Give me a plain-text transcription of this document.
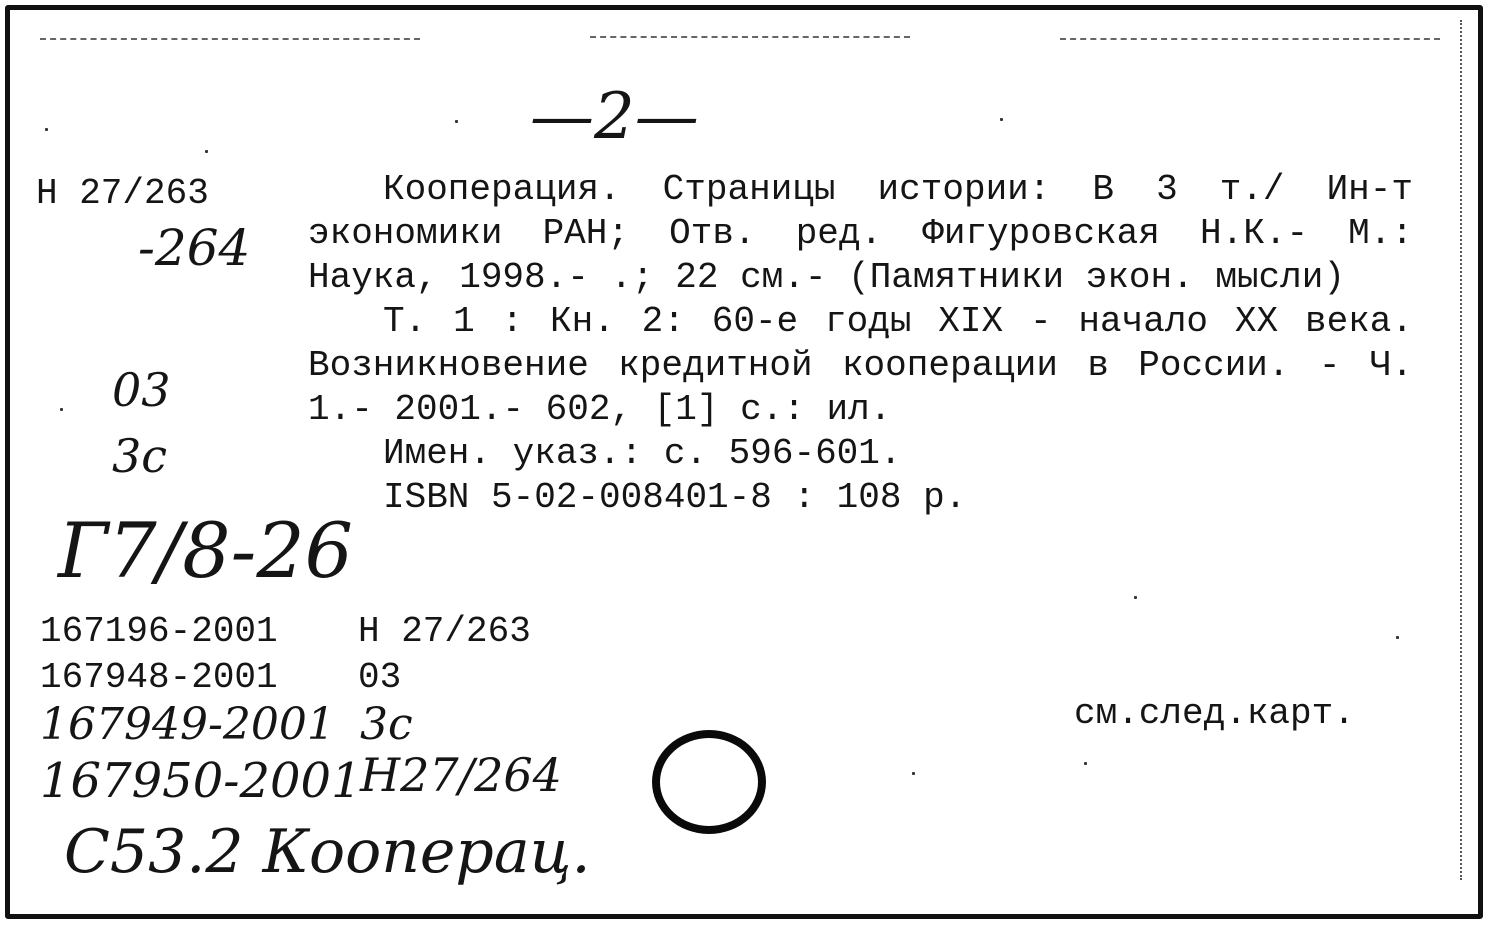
—2—
Н 27/263
-264
03
3с
Г7/8-26

Кооперация. Страницы истории: В 3 т./ Ин-т экономики РАН; Отв. ред. Фигуровская Н.К.- М.: Наука, 1998.- .; 22 см.- (Памятники экон. мысли)

Т. 1 : Кн. 2: 60-е годы XIX - начало XX века. Возникновение кредитной кооперации в России. - Ч. 1.- 2001.- 602, [1] с.: ил.

Имен. указ.: с. 596-601.

ISBN 5-02-008401-8 : 108 р.

167196-2001 Н 27/263
167948-2001 03
167949-2001 3с
167950-2001
Н27/264
см.след.карт.
С53.2 Кооперац.
